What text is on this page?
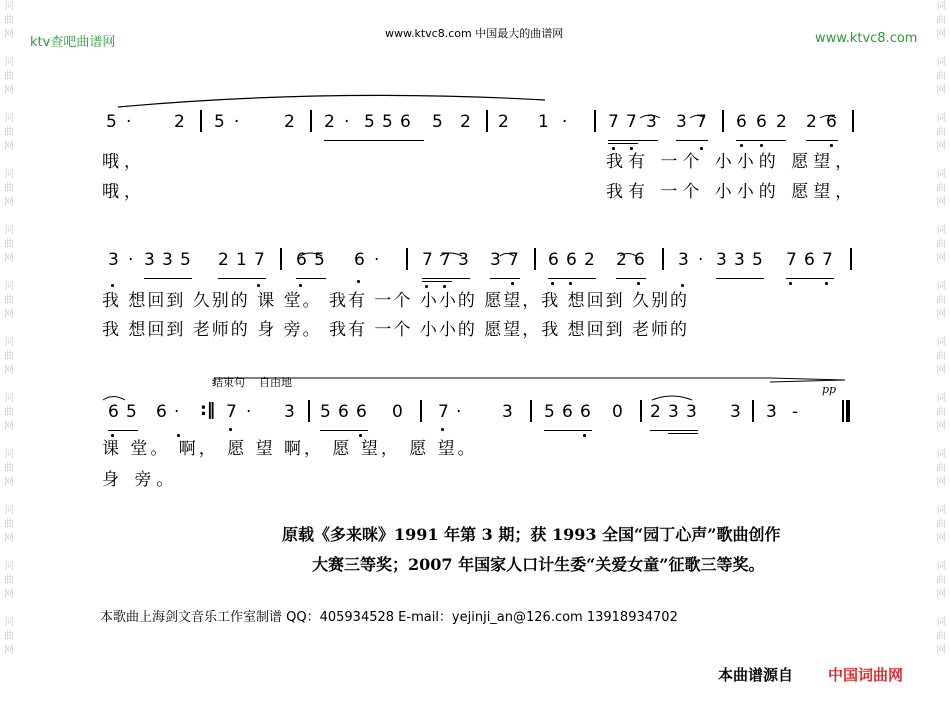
词
曲
网
词
曲
网
词
曲
网
词
曲
网
词
曲
网
词
曲
网
词
曲
网
词
曲
网
词
曲
网
词
曲
网
词
曲
网
词
曲
网
词
曲
网
词
曲
网
词
曲
网
词
曲
网
词
曲
网
词
曲
网
词
曲
网
词
曲
网
词
曲
网
词
曲
网
词
曲
网
词
曲
网
ktv查吧曲谱网
www.ktvc8.com 中国最大的曲谱网	www.ktvc8.com
5 ·	2 5 ·	2 2 · 5 5 6 5 2 2 1 · 7 7 3 3 7 6 6 2 2 6
哦，	我有 一个 小小的 愿望，
哦，	我有 一个 小小的 愿望，
3 · 3 3 5 2 1 7 6 5 6 ·	7 7 3 3 7 6 6 2 2 6 3 · 3 3 5 7 6 7
我 想回到 久别的 课 堂。 我有 一个 小小的 愿望，我 想回到 久别的
我 想回到 老师的 身 旁。 我有 一个 小小的 愿望，我 想回到 老师的
结束句 自由地
pp
6 5 6 · :‖ 7 · 3 5 6 6 0 7 · 3 5 6 6 0 2 3 3 3 3 -
课 堂。 啊， 愿 望 啊， 愿 望， 愿 望。
身 旁。
原载《多来咪》1991 年第 3 期；获 1993 全国“园丁心声”歌曲创作
大赛三等奖；2007 年国家人口计生委“关爱女童”征歌三等奖。
本歌曲上海剑文音乐工作室制谱 QQ：405934528 E-mail：yejinji_an@126.com 13918934702
本曲谱源自 中国词曲网
